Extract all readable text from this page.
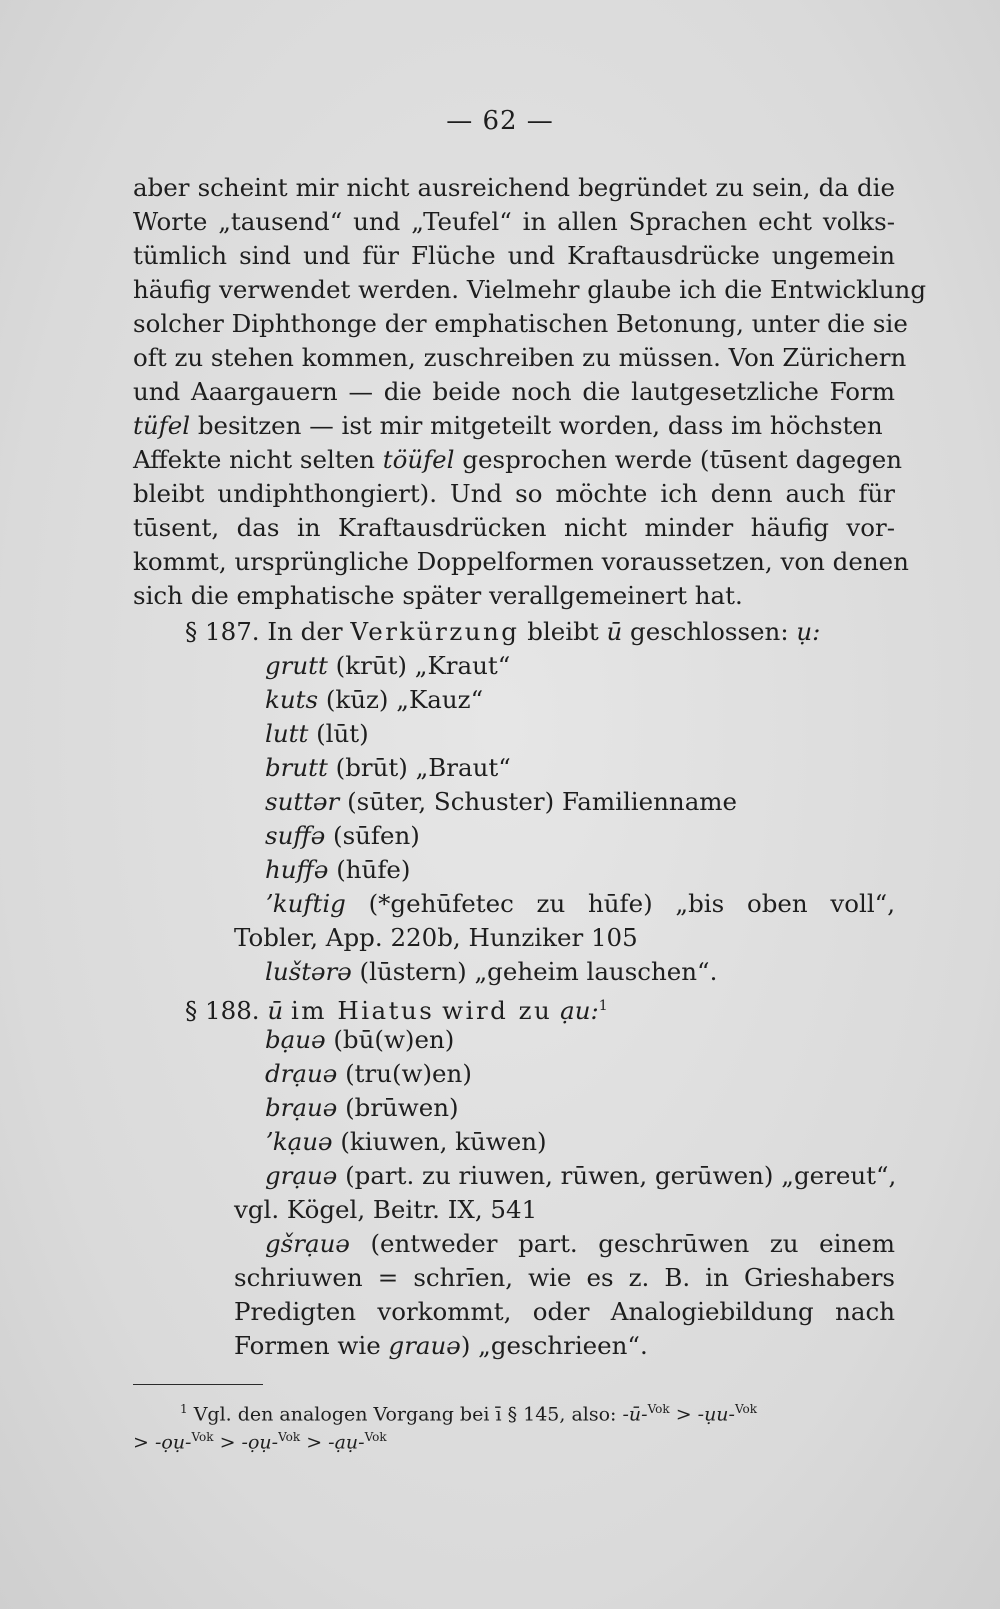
— 62 —
aber scheint mir nicht ausreichend begründet zu sein, da die
Worte „tausend“ und „Teufel“ in allen Sprachen echt volks-
tümlich sind und für Flüche und Kraftausdrücke ungemein
häufig verwendet werden. Vielmehr glaube ich die Entwicklung
solcher Diphthonge der emphatischen Betonung, unter die sie
oft zu stehen kommen, zuschreiben zu müssen. Von Zürichern
und Aaargauern — die beide noch die lautgesetzliche Form
tüfel besitzen — ist mir mitgeteilt worden, dass im höchsten
Affekte nicht selten töüfel gesprochen werde (tūsent dagegen
bleibt undiphthongiert). Und so möchte ich denn auch für
tūsent, das in Kraftausdrücken nicht minder häufig vor-
kommt, ursprüngliche Doppelformen voraussetzen, von denen
sich die emphatische später verallgemeinert hat.
§ 187. In der Verkürzung bleibt ū geschlossen: ụ:
grutt (krūt) „Kraut“
kuts (kūz) „Kauz“
lutt (lūt)
brutt (brūt) „Braut“
suttər (sūter, Schuster) Familienname
suffə (sūfen)
huffə (hūfe)
ʼkuftig (*gehūfetec zu hūfe) „bis oben voll“,
Tobler, App. 220b, Hunziker 105
luštərə (lūstern) „geheim lauschen“.
§ 188. ū im Hiatus wird zu ạu:$^1$
bạuə (bū(w)en)
drạuə (tru(w)en)
brạuə (brūwen)
ʼkạuə (kiuwen, kūwen)
grạuə (part. zu riuwen, rūwen, gerūwen) „gereut“,
vgl. Kögel, Beitr. IX, 541
gšrạuə (entweder part. geschrūwen zu einem
schriuwen = schrīen, wie es z. B. in Grieshabers
Predigten vorkommt, oder Analogiebildung nach
Formen wie grauə) „geschrieen“.
$^1$ Vgl. den analogen Vorgang bei ī § 145, also: -ū-$^{Vok}$ > -ụu-$^{Vok}$
> -ọụ-$^{Vok}$ > -ọụ-$^{Vok}$ > -ạụ-$^{Vok}$
